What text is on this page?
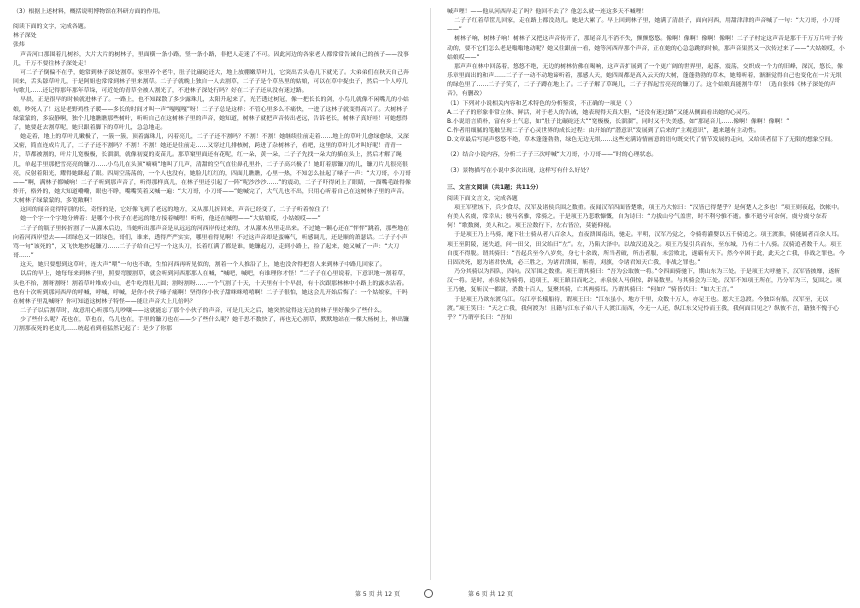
（3）根据上述材料，概括说明博物馆在科研方面的作用。

阅读下面的文字，完成各题。

林子深处

张炜

声音河口那围着几树衫，大片大片的树林子，里面横一条小路，竖一条小路，非把人走迷了不可。因此河边的各家老人都常常告诫自己的孩子——没事儿，千万不要往林子深处走！

可二子子倒偏不在乎，她常到林子深处割草。家里养个老牛，肚子比碾砣还大，地上放棚嫩草叶儿，它突出舌头卷几下就光了。大弟弟们在秋天自己奔回来，舌头舔草叶儿，于是阿姐也常常到林子里来割草。二子子就晚上独自一人去割草，二子子是个草丛里的姑娘，可以在草中捉虫子，然后一个人哼几句歌儿……还记得那年那年草垛，可近处的青草全被人割光了，不进林子深处行吗？好在二子子还从没有迷过路。

早晨，正是很早的时候就进林子了。一路上，也不知踩散了多少露珠儿，太阳升起来了，光芒透过树冠，像一把长长的剑，小鸟儿就像不闲嘴儿的小姑娘，吵死人了！远是老野鸡性子暖——多长的时间才叫一声“嘎嘎嘎”呀！二子子总是这样：不管心里多么不痛快，一进了这林子就变得高兴了。大树林子绿蒙蒙的，多寂静啊，独个儿地瞧瞧那些树叶，听听自己在这树林子里的声音，她知道，树林子就把声音传出老远，告诉老长，树林子真好哇！可她想得了，她要赶去割草呢，她只跟着脚下的草叶儿，急急地走。

她走着，地上的草叶儿嫩极了，一簇一簇，顶着露珠儿，闪着亮儿，二子子还不割吗？不割！不割！她继续往前走着……地上的草叶儿愈绿愈绿，又深又密，简直连成片儿了，二子子还不割吗？不割！不割！她还是往前走……又穿过几排核树，跨进了杂树林子，看吧，这里的草叶儿才叫好呢！青青一片，草都被割的，叶片儿宽极极，长溜溜，就像初夏的麦苗儿。那草窠里面还有花呢，红一朵，黄一朵，二子子先找一朵大的插在头上，然后才解了绳儿，单起手里那把雪亮亮的镰刀……小鸟儿在头顶“嘀嘀”地叫了几声，清甜的空气直往鼻孔里扑，二子子高兴极了！她盯着那镰刀的儿，镰刀片儿很亮很亮，反射着阳光，耀得她眯起了眼。四周空荡荡的，一个人也没有，她脸儿红红的，四面儿瞧瞧，心里一热，不知怎么扯起了嗓子一声：“大刀哥，小刀哥——”啊，满林子都喊响！二子子听到那声音了，听得那样真儿，在林子里还引起了一阵“呢沙沙沙……”的震动，二子子吓得闭上了眼睛，一溜嘴毛趾得像炸开，格外的，她大知道嘞嘞，眼也不睁，嘴嘴笑着又喊一遍：“大刀哥，小刀哥——”她喊完了，大气儿也不出，只用心听着自己在这树林子里的声音。大树林子绿蒙蒙的，多宽敞啊！

这回的闻音竟得特别的长，奇怪的是，它好像飞到了老远的地方，又从那儿折回来，声音已经变了，二子子听着惊住了！

她一个字一个字地分辨着：是哪个小伙子在老远的地方接着喊哩！听听，他还在喊哩——“大姑娘哎，小姑娘哎——”

二子子的瓶子里转折割了一从灌木后边，当她听出那声音是从远远的河西岸传过来的，才从灌木丛里走出来。不过她一颗心还在“怦怦”跳着，那些地在向着河西岸望去——团绿色又一团绿色，哥们，谁来，透得严严实实，哪里看得见啊！不过这声音却是蛮嘛气，听感调儿，还是顺的萧瑟话。二子子小声骂一句“该死的”，又飞快地抄起镰刀……二子子给自己写一个这头刀，长着红满了都是谁，她镰起刀，走到小路上，捡了起来，她又喊了一声：“大刀哥……”

这天，她只要想到这草叶，连大声“喂”一句也不敢，生怕河西再听见似的，割着一个人推沿了上，她也没舍得把喜人来到林子中路几回家了。

以后的早上，她每每来到林子里，照要弯腰割草，就会听到河西那那人在喊，“喊吧，喊吧，有谁理你才怪！”二子子在心里说着，下意识地一割着草，头也不抬，割呀割呀！割着草叶堆成小山，老牛吃得肚儿圆；割呀割呀……一个气割了十天，十天里有十个早晨，有十次跟那林林中小路上的露水沾着。也有十次听到那河西岸的呼喊，呼喊，呼喊，是你小伙子嗓子痛啊！坚得你小伙子甜咪咪嘻嘻啊！二子子很怕，她这会儿开始后悔了：一个姑娘家，干吗在树林子里乱喊呀？你可知道这树林子特怪——能让声音大上几倍吗？

二子子以后割草时，故意用心听那鸟儿吵嚷——这就能忘了那个小伙子的声音，可是几天之后，她突然觉得这无边的林子里好像少了些什么。

少了些什么呢？花也在，草也在，鸟儿也在，手里的镰刀也在——少了些什么呢？她千思不数快了，再也无心割草，默默地站在一棵大杨树上，伸出镰刀割那夜死的老皮儿……统起看到看猛然记起了：是少了你那

喊声哩！——他从河西岸走了吗？他回不去了？他怎么就一连这多天不喊哩！

二子子红着草筐儿回家，走在路上都没劲儿。她是大累了。早上回到林子里，她满了清晨子，面向河西，用甜津津的声音喊了一句：“大刀哥，小刀哥——”

树林子响，树林子响！树林子又把这声音传开了，那尾音儿不消不失，颤颤悠悠。像啊！像啊！像啊！像啊！二子子村定这声音是那千千万万片叶子传动的，要不它们怎么老是嗡嗡地动呢？她又往跟前一看，她等河西岸那个声音，正在她的心急急跳的时候，那声音果然又一次传过来了——“大姑娘哎，小姑娘哎——”

那声声在林中回荡着，悠悠不绝，无边的树林仿佛在喝响，这声音扩展到了一个更广阔的世界里，起落，震荡，交织成一个力的旧峰，深沉，悠长，像乐章里面出的和声……二子子一动不动地谛听着，那感人天，她四周都是高入云天的大树，蓬蓬勃勃的草木，她蓦听着，渐渐觉得自己也变化在一片无垠的绿色里了……二子子笑了，二子子蹲在地上了。二子子解了草绳儿，二子子挥起雪亮亮的镰刀了。这个姑娘真能割牛草！（选自张炜《林子深处的声音》，有删改）

（1）下列对小说相关内容和艺术特色的分析鉴赏，不正确的一项是（ ）

A.二子子的形象非常立体、鲜活，对于老人的告诫，她表现得天真大胆，“还没有迷过路”又能从侧面看出她的心灵巧。

B.小说语言质朴，富有乡土气息，如“肚子比碾砣还大”“宽极极，长溜溜”，同时又不失美感，如“那尾音儿……像啊！像啊！像啊！”

C.作者用细腻的笔触呈现二子子心灵世界的成长过程：由开始的“潜意识”发展到了后来的“主观意识”，越来越有主动性。

D.文章最后写尾声悠悠不绝，草木蓬蓬勃勃，绿色无边无垠……这些充满诗情画意的语句既交代了情节发展的走向，又给读者留下了无限的想象空间。

（2）结合小说内容，分析二子子三次呼喊“大刀哥，小刀哥——”时的心理状态。

（3）景物描写在小说中多次出现，这样写有什么好处？

三、文言文阅读（共1题；共11分）

阅读下面文言文，完成各题

项王军壁垓下，兵少食尽，汉军及诸侯兵围之数重。夜闻汉军四面皆楚歌，项王乃大惊曰：“汉皆已得楚乎？是何楚人之多也！”项王则夜起，饮帐中。有美人名虞，常幸从；骏马名骓，常骑之。于是项王乃悲歌慷慨，自为诗曰：“力拔山兮气盖世，时不利兮骓不逝。骓不逝兮可奈何，虞兮虞兮奈若何！”歌数阕，美人和之。项王泣数行下，左右皆泣，莫能仰视。

于是项王乃上马骑，麾下壮士骑从者八百余人，直夜溃围南出，驰走。平明，汉军乃觉之，令骑将灌婴以五千骑追之。项王渡淮，骑能属者百余人耳。项王至阴陵，迷失道，问一田父，田父绐曰“左”。左，乃陷大泽中。以故汉追及之。项王乃复引兵而东，至东城，乃有二十八骑。汉骑追者数千人。项王自度不得脱。谓其骑曰：“吾起兵至今八岁矣，身七十余战，所当者破，所击者服，未尝败北，遂霸有天下。然今卒困于此，此天之亡我，非战之罪也。今日固决死，愿为诸君快战，必三胜之，为诸君溃围，斩将，刈旗，令诸君知天亡我，非战之罪也。”

乃分其骑以为四队，四向。汉军围之数重。项王谓其骑曰：“吾为公取彼一将。”令四面骑驰下，期山东为三处。于是项王大呼驰下，汉军皆披靡，遂斩汉一将。是时，赤泉侯为骑将，追项王，项王瞋目而叱之，赤泉侯人马俱惊，辟易数里。与其骑会为三处。汉军不知项王所在，乃分军为三，复围之。项王乃驰，复斩汉一都尉，杀数十百人，复聚其骑，亡其两骑耳。乃谓其骑曰：“何如？”骑皆伏曰：“如大王言。”

于是项王乃欲东渡乌江。乌江亭长檥船待，谓项王曰：“江东虽小，地方千里，众数十万人，亦足王也。愿大王急渡。今独臣有船，汉军至，无以渡。”项王笑曰：“天之亡我，我何渡为！且籍与江东子弟八千人渡江而西，今无一人还，纵江东父兄怜而王我，我何面目见之？纵彼不言，籍独不愧于心乎？”乃谓亭长曰：“吾知

第 5 页 共 12 页	第 6 页 共 12 页
